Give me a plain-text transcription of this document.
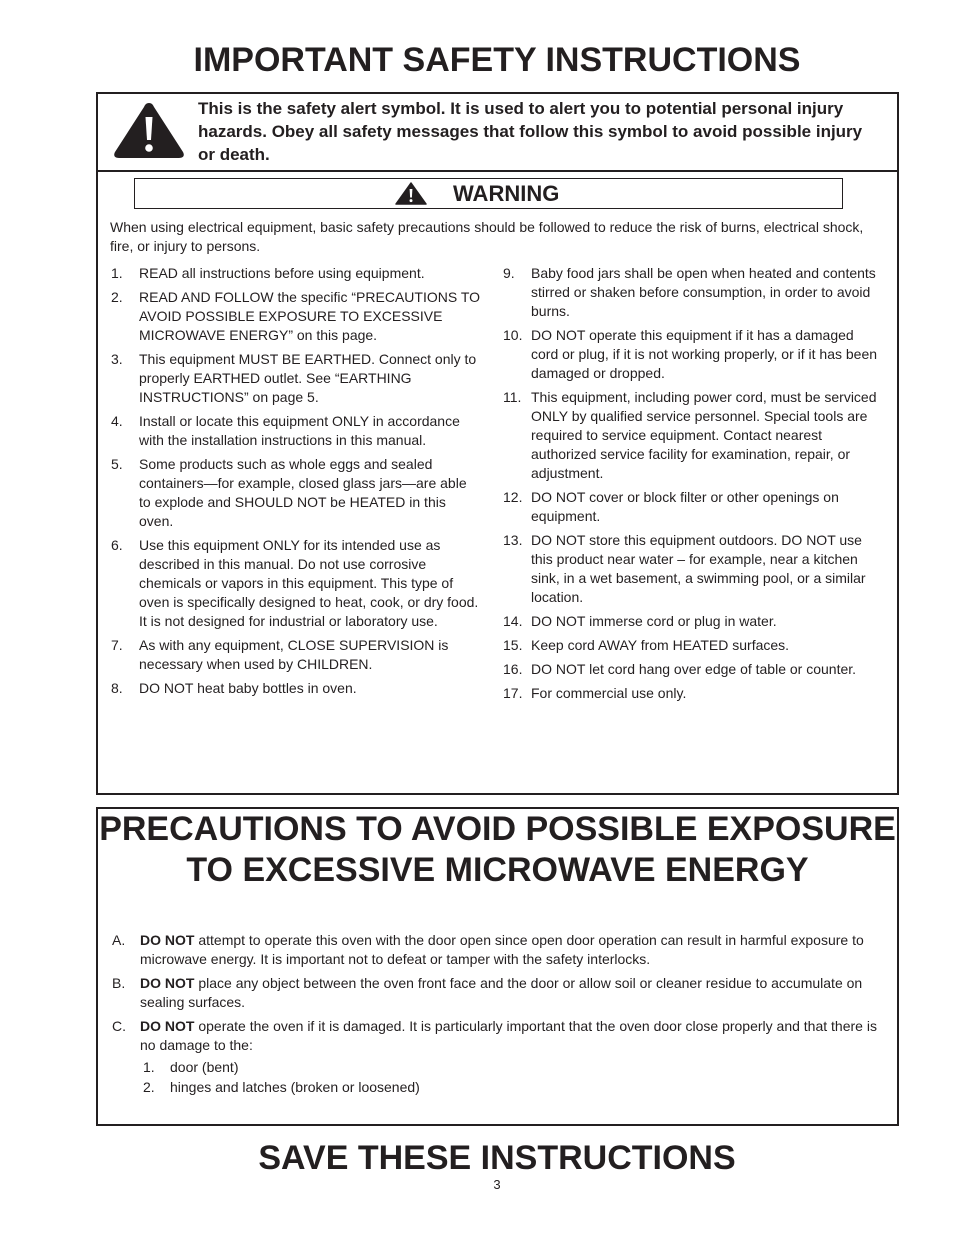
IMPORTANT SAFETY INSTRUCTIONS

This is the safety alert symbol. It is used to alert you to potential personal injury hazards. Obey all safety messages that follow this symbol to avoid possible injury or death.

WARNING

When using electrical equipment, basic safety precautions should be followed to reduce the risk of burns, electrical shock, fire, or injury to persons.

1. READ all instructions before using equipment.
2. READ AND FOLLOW the specific “PRECAUTIONS TO AVOID POSSIBLE EXPOSURE TO EXCESSIVE MICROWAVE ENERGY” on this page.
3. This equipment MUST BE EARTHED. Connect only to properly EARTHED outlet. See “EARTHING INSTRUCTIONS” on page 5.
4. Install or locate this equipment ONLY in accordance with the installation instructions in this manual.
5. Some products such as whole eggs and sealed containers—for example, closed glass jars—are able to explode and SHOULD NOT be HEATED in this oven.
6. Use this equipment ONLY for its intended use as described in this manual. Do not use corrosive chemicals or vapors in this equipment. This type of oven is specifically designed to heat, cook, or dry food. It is not designed for industrial or laboratory use.
7. As with any equipment, CLOSE SUPERVISION is necessary when used by CHILDREN.
8. DO NOT heat baby bottles in oven.
9. Baby food jars shall be open when heated and contents stirred or shaken before consumption, in order to avoid burns.
10. DO NOT operate this equipment if it has a damaged cord or plug, if it is not working properly, or if it has been damaged or dropped.
11. This equipment, including power cord, must be serviced ONLY by qualified service personnel. Special tools are required to service equipment. Contact nearest authorized service facility for examination, repair, or adjustment.
12. DO NOT cover or block filter or other openings on equipment.
13. DO NOT store this equipment outdoors. DO NOT use this product near water – for example, near a kitchen sink, in a wet basement, a swimming pool, or a similar location.
14. DO NOT immerse cord or plug in water.
15. Keep cord AWAY from HEATED surfaces.
16. DO NOT let cord hang over edge of table or counter.
17. For commercial use only.
PRECAUTIONS TO AVOID POSSIBLE EXPOSURE TO EXCESSIVE MICROWAVE ENERGY
A. DO NOT attempt to operate this oven with the door open since open door operation can result in harmful exposure to microwave energy. It is important not to defeat or tamper with the safety interlocks.
B. DO NOT place any object between the oven front face and the door or allow soil or cleaner residue to accumulate on sealing surfaces.
C. DO NOT operate the oven if it is damaged. It is particularly important that the oven door close properly and that there is no damage to the:
1. door (bent)
2. hinges and latches (broken or loosened)
SAVE THESE INSTRUCTIONS
3
